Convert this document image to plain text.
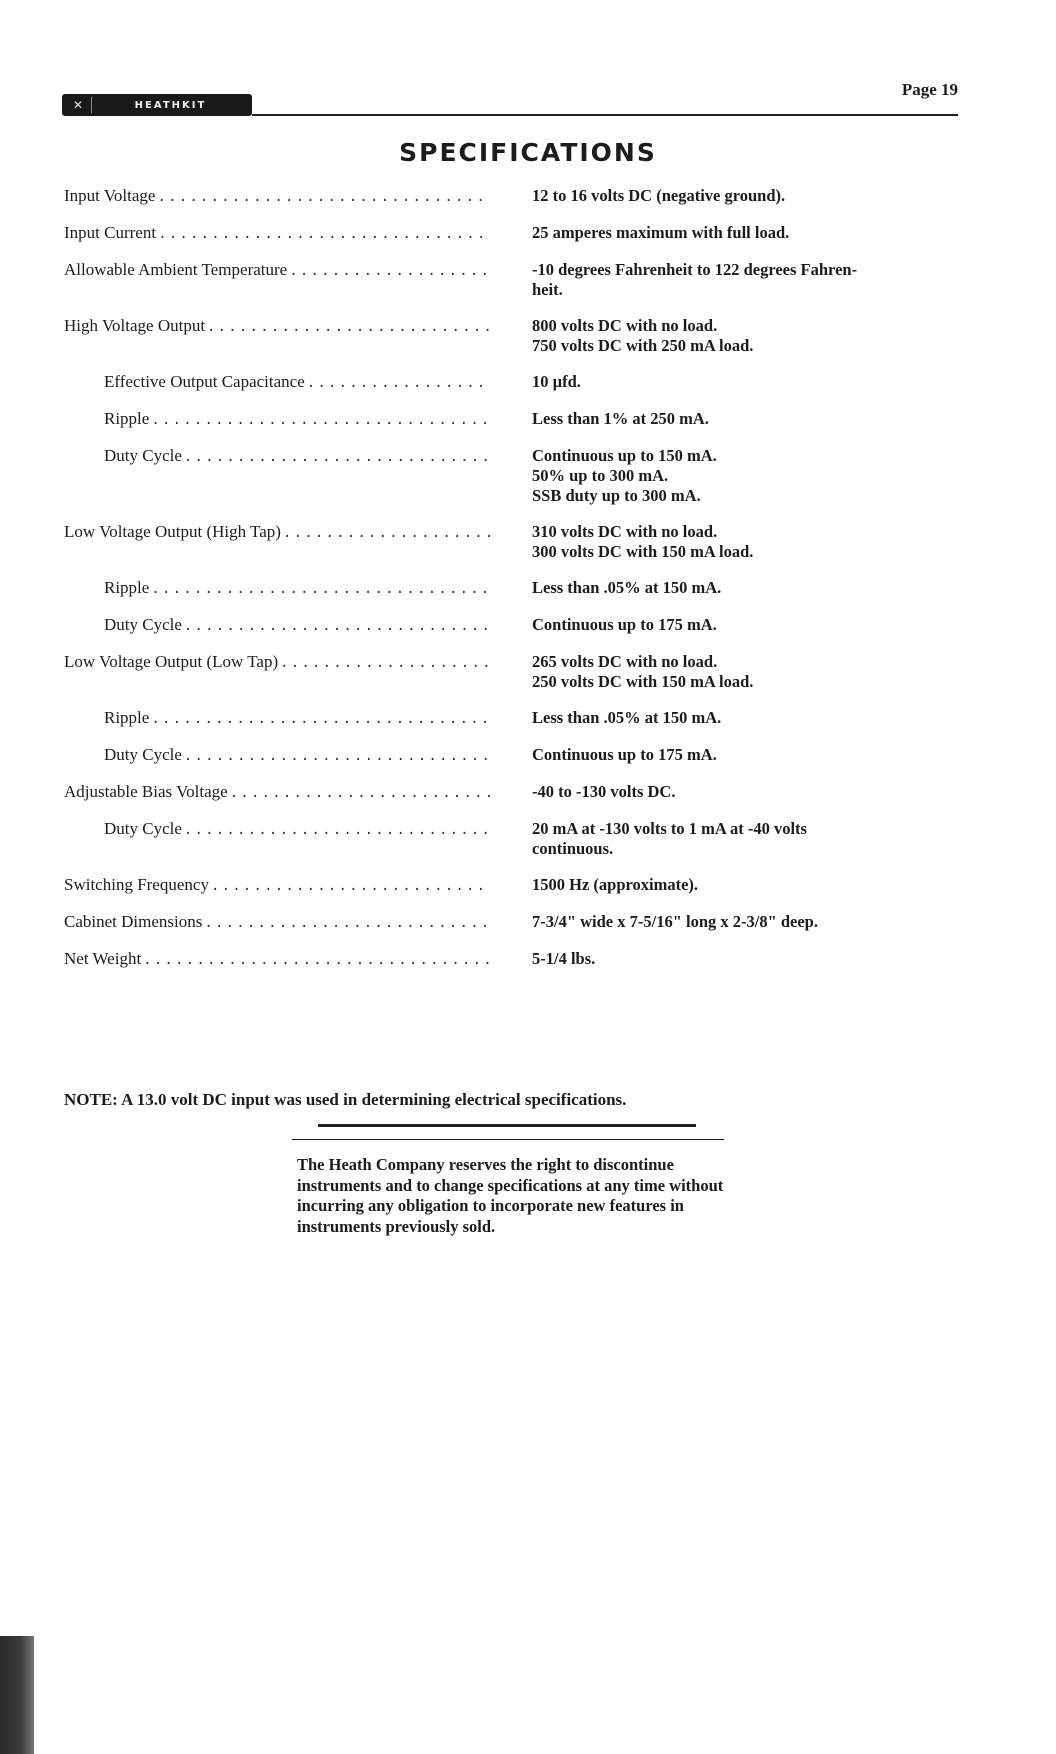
✕	HEATHKIT
Page 19
SPECIFICATIONS
Input Voltage .....	12 to 16 volts DC (negative ground).
Input Current .....	25 amperes maximum with full load.
Allowable Ambient Temperature .....	-10 degrees Fahrenheit to 122 degrees Fahren-
heit.
High Voltage Output .....	800 volts DC with no load.
750 volts DC with 250 mA load.
Effective Output Capacitance .....	10 µfd.
Ripple .....	Less than 1% at 250 mA.
Duty Cycle .....	Continuous up to 150 mA.
50% up to 300 mA.
SSB duty up to 300 mA.
Low Voltage Output (High Tap) .....	310 volts DC with no load.
300 volts DC with 150 mA load.
Ripple .....	Less than .05% at 150 mA.
Duty Cycle .....	Continuous up to 175 mA.
Low Voltage Output (Low Tap) .....	265 volts DC with no load.
250 volts DC with 150 mA load.
Ripple .....	Less than .05% at 150 mA.
Duty Cycle .....	Continuous up to 175 mA.
Adjustable Bias Voltage .....	-40 to -130 volts DC.
Duty Cycle .....	20 mA at -130 volts to 1 mA at -40 volts
continuous.
Switching Frequency .....	1500 Hz (approximate).
Cabinet Dimensions .....	7-3/4" wide x 7-5/16" long x 2-3/8" deep.
Net Weight .....	5-1/4 lbs.
NOTE: A 13.0 volt DC input was used in determining electrical specifications.
The Heath Company reserves the right to discontinue instruments and to change specifications at any time without incurring any obligation to incorporate new features in instruments previously sold.
